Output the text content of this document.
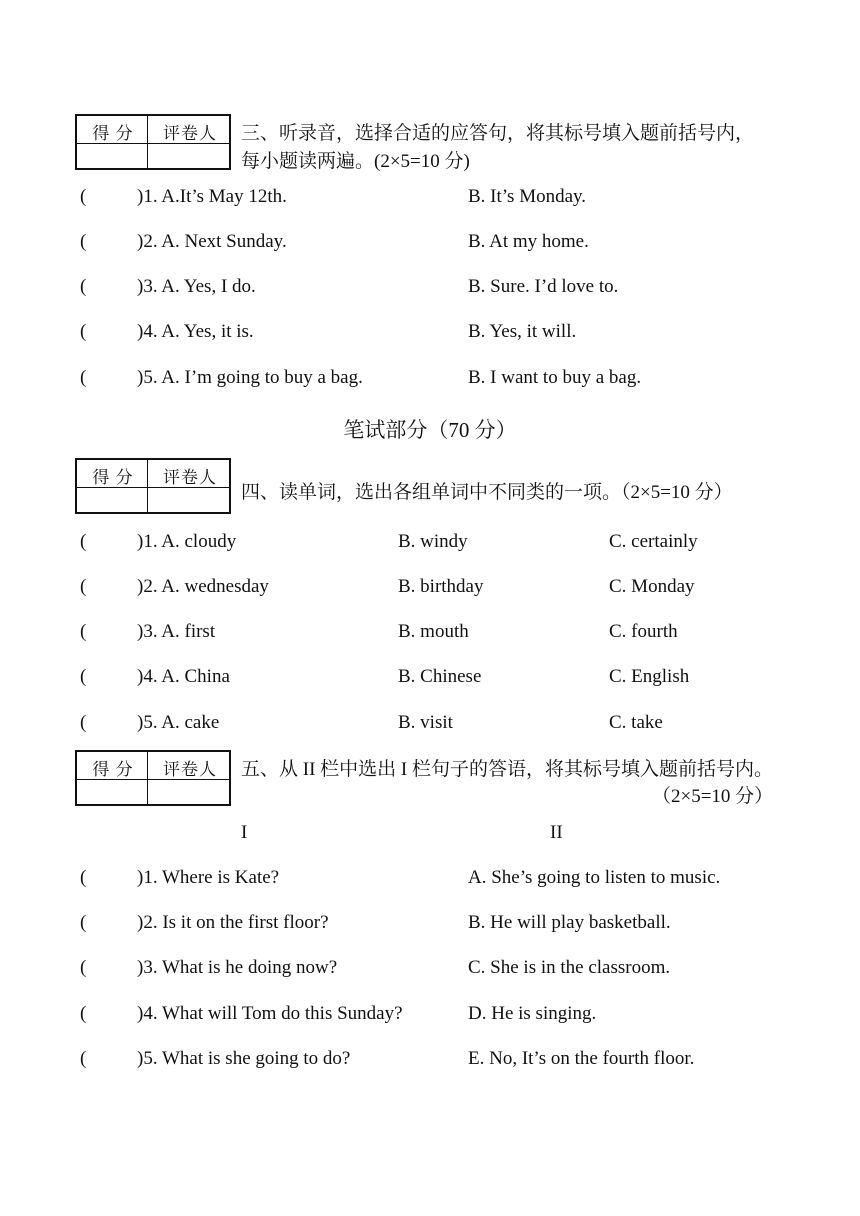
得 分	评卷人	三、听录音，选择合适的应答句，将其标号填入题前括号内，
每小题读两遍。(2×5=10 分)
(	)1. A.It’s May 12th.	B. It’s Monday.
(	)2. A. Next Sunday.	B. At my home.
(	)3. A. Yes, I do.	B. Sure. I’d love to.
(	)4. A. Yes, it is.	B. Yes, it will.
(	)5. A. I’m going to buy a bag.	B. I want to buy a bag.
笔试部分（70 分）
得 分	评卷人
四、读单词，选出各组单词中不同类的一项。（2×5=10 分）
(	)1. A. cloudy	B. windy	C. certainly
(	)2. A. wednesday	B. birthday	C. Monday
(	)3. A. first	B. mouth	C. fourth
(	)4. A. China	B. Chinese	C. English
(	)5. A. cake	B. visit	C. take
得 分	评卷人	五、从 II 栏中选出 I 栏句子的答语，将其标号填入题前括号内。
（2×5=10 分）
I	II
(	)1. Where is Kate?	A. She’s going to listen to music.
(	)2. Is it on the first floor?	B. He will play basketball.
(	)3. What is he doing now?	C. She is in the classroom.
(	)4. What will Tom do this Sunday?	D. He is singing.
(	)5. What is she going to do?	E. No, It’s on the fourth floor.
